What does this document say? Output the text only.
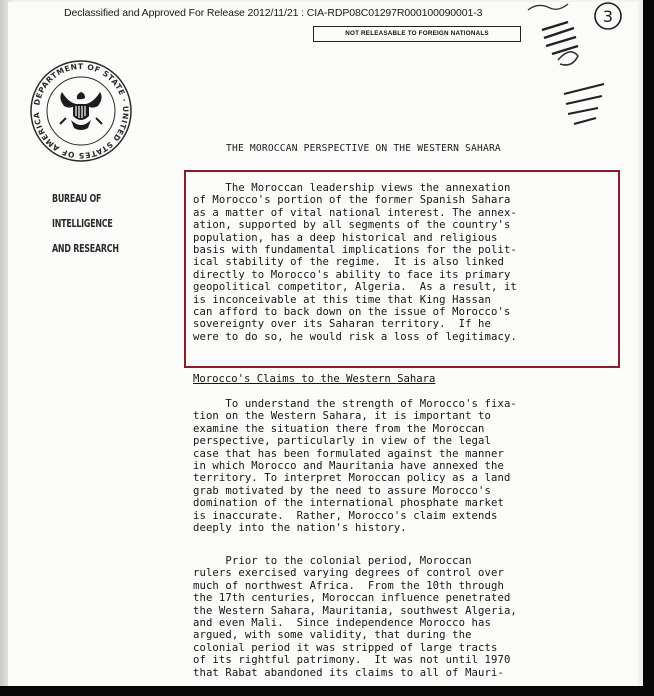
Declassified and Approved For Release 2012/11/21 : CIA-RDP08C01297R000100090001-3
NOT RELEASABLE TO FOREIGN NATIONALS
3
DEPARTMENT OF STATE · UNITED STATES OF AMERICA
BUREAU OF
INTELLIGENCE
AND RESEARCH
THE MOROCCAN PERSPECTIVE ON THE WESTERN SAHARA
The Moroccan leadership views the annexation
of Morocco's portion of the former Spanish Sahara
as a matter of vital national interest. The annex-
ation, supported by all segments of the country's
population, has a deep historical and religious
basis with fundamental implications for the polit-
ical stability of the regime.  It is also linked
directly to Morocco's ability to face its primary
geopolitical competitor, Algeria.  As a result, it
is inconceivable at this time that King Hassan
can afford to back down on the issue of Morocco's
sovereignty over its Saharan territory.  If he
were to do so, he would risk a loss of legitimacy.
Morocco's Claims to the Western Sahara
To understand the strength of Morocco's fixa-
tion on the Western Sahara, it is important to
examine the situation there from the Moroccan
perspective, particularly in view of the legal
case that has been formulated against the manner
in which Morocco and Mauritania have annexed the
territory. To interpret Moroccan policy as a land
grab motivated by the need to assure Morocco's
domination of the international phosphate market
is inaccurate.  Rather, Morocco's claim extends
deeply into the nation's history.
Prior to the colonial period, Moroccan
rulers exercised varying degrees of control over
much of northwest Africa.  From the 10th through
the 17th centuries, Moroccan influence penetrated
the Western Sahara, Mauritania, southwest Algeria,
and even Mali.  Since independence Morocco has
argued, with some validity, that during the
colonial period it was stripped of large tracts
of its rightful patrimony.  It was not until 1970
that Rabat abandoned its claims to all of Mauri-
